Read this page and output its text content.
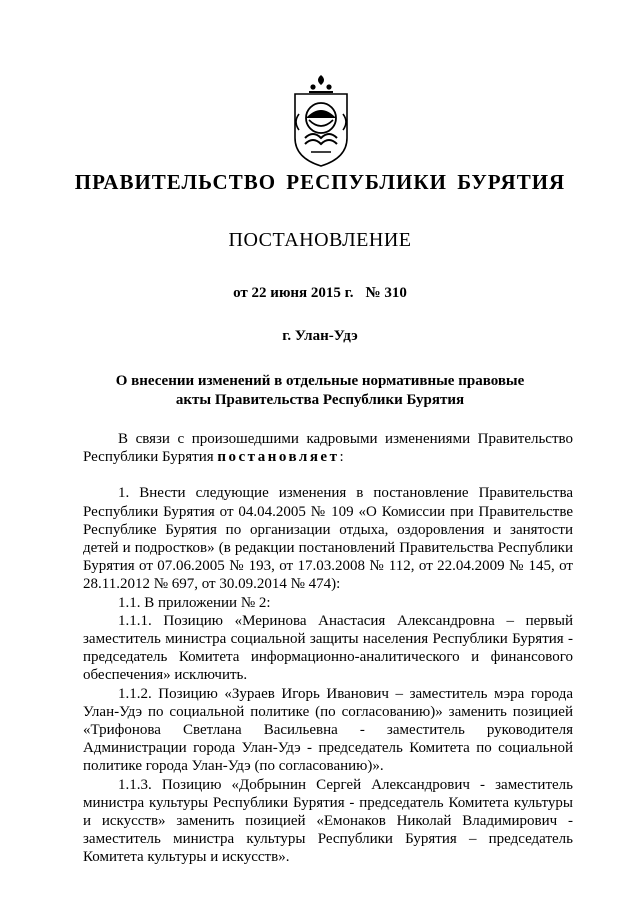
ПРАВИТЕЛЬСТВО РЕСПУБЛИКИ БУРЯТИЯ
ПОСТАНОВЛЕНИЕ
от 22 июня 2015 г. № 310
г. Улан-Удэ
О внесении изменений в отдельные нормативные правовые
акты Правительства Республики Бурятия

В связи с произошедшими кадровыми изменениями Правительство Республики Бурятия постановляет:

1. Внести следующие изменения в постановление Правительства Республики Бурятия от 04.04.2005 № 109 «О Комиссии при Правительстве Республике Бурятия по организации отдыха, оздоровления и занятости детей и подростков» (в редакции постановлений Правительства Республики Бурятия от 07.06.2005 № 193, от 17.03.2008 № 112, от 22.04.2009 № 145, от 28.11.2012 № 697, от 30.09.2014 № 474):

1.1. В приложении № 2:

1.1.1. Позицию «Меринова Анастасия Александровна – первый заместитель министра социальной защиты населения Республики Бурятия - председатель Комитета информационно-аналитического и финансового обеспечения» исключить.

1.1.2. Позицию «Зураев Игорь Иванович – заместитель мэра города Улан-Удэ по социальной политике (по согласованию)» заменить позицией «Трифонова Светлана Васильевна - заместитель руководителя Администрации города Улан-Удэ - председатель Комитета по социальной политике города Улан-Удэ (по согласованию)».

1.1.3. Позицию «Добрынин Сергей Александрович - заместитель министра культуры Республики Бурятия - председатель Комитета культуры и искусств» заменить позицией «Емонаков Николай Владимирович - заместитель министра культуры Республики Бурятия – председатель Комитета культуры и искусств».
